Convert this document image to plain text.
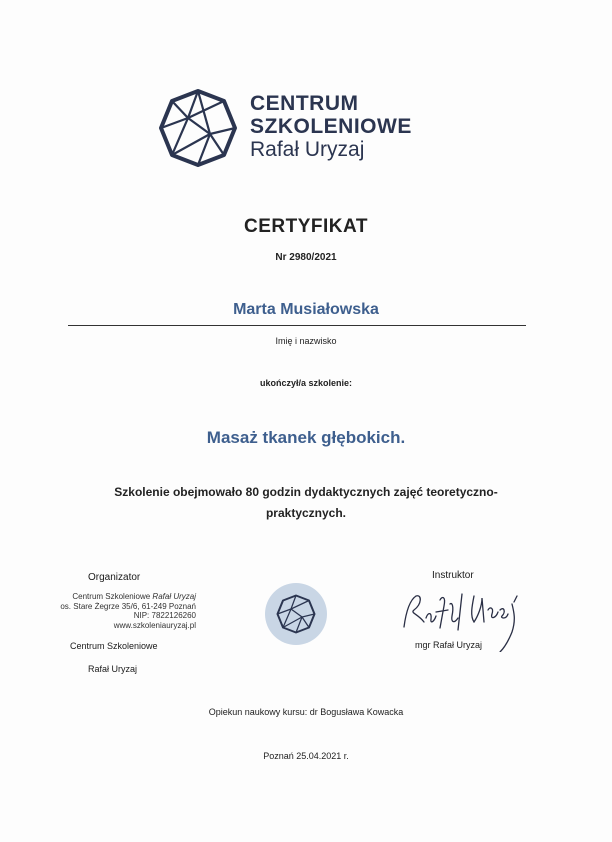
CENTRUM
SZKOLENIOWE
Rafał Uryzaj
CERTYFIKAT
Nr 2980/2021
Marta Musiałowska
Imię i nazwisko
ukończył/a szkolenie:
Masaż tkanek głębokich.
Szkolenie obejmowało 80 godzin dydaktycznych zajęć teoretyczno-
praktycznych.
Organizator
Centrum Szkoleniowe Rafał Uryzaj
os. Stare Żegrze 35/6, 61-249 Poznań
NIP: 7822126260
www.szkoleniauryzaj.pl
Centrum Szkoleniowe
Rafał Uryzaj
Instruktor
mgr Rafał Uryzaj
Opiekun naukowy kursu: dr Bogusława Kowacka
Poznań 25.04.2021 r.
